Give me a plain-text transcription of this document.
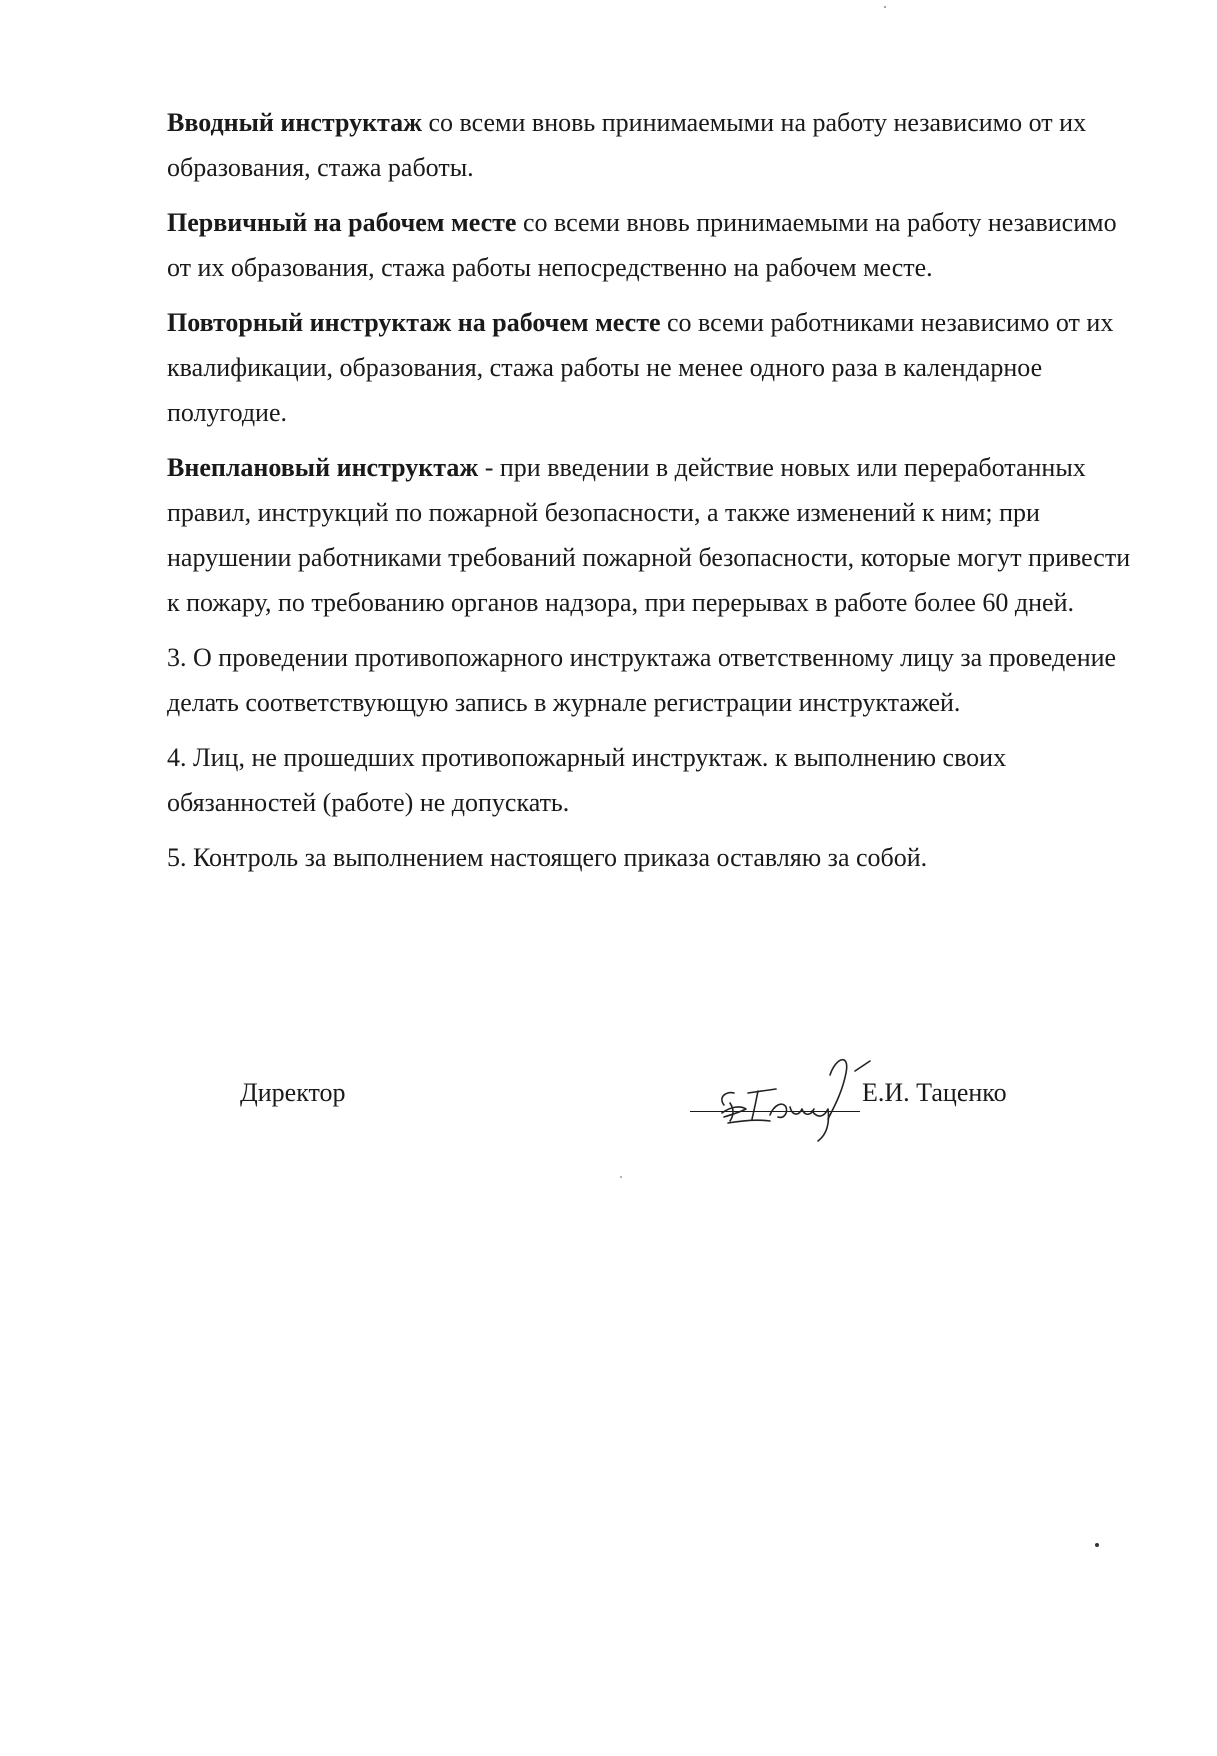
Вводный инструктаж со всеми вновь принимаемыми на работу независимо от их образования, стажа работы.

Первичный на рабочем месте со всеми вновь принимаемыми на работу независимо от их образования, стажа работы непосредственно на рабочем месте.

Повторный инструктаж на рабочем месте со всеми работниками независимо от их квалификации, образования, стажа работы не менее одного раза в календарное полугодие.

Внеплановый инструктаж - при введении в действие новых или переработанных правил, инструкций по пожарной безопасности, а также изменений к ним; при нарушении работниками требований пожарной безопасности, которые могут привести к пожару, по требованию органов надзора, при перерывах в работе более 60 дней.

3. О проведении противопожарного инструктажа ответственному лицу за проведение делать соответствующую запись в журнале регистрации инструктажей.

4. Лиц, не прошедших противопожарный инструктаж. к выполнению своих обязанностей (работе) не допускать.

5. Контроль за выполнением настоящего приказа оставляю за собой.

Директор	Е.И. Таценко
